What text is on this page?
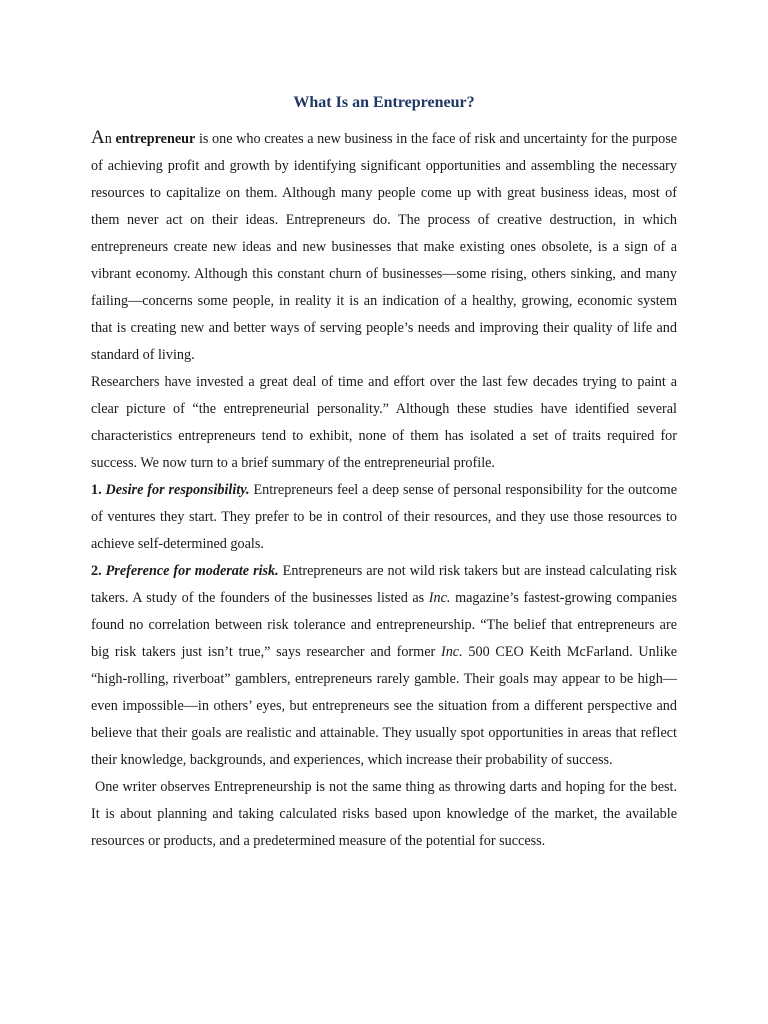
What Is an Entrepreneur?

An entrepreneur is one who creates a new business in the face of risk and uncertainty for the purpose of achieving profit and growth by identifying significant opportunities and assembling the necessary resources to capitalize on them. Although many people come up with great business ideas, most of them never act on their ideas. Entrepreneurs do. The process of creative destruction, in which entrepreneurs create new ideas and new businesses that make existing ones obsolete, is a sign of a vibrant economy. Although this constant churn of businesses—some rising, others sinking, and many failing—concerns some people, in reality it is an indication of a healthy, growing, economic system that is creating new and better ways of serving people’s needs and improving their quality of life and standard of living.

Researchers have invested a great deal of time and effort over the last few decades trying to paint a clear picture of “the entrepreneurial personality.” Although these studies have identified several characteristics entrepreneurs tend to exhibit, none of them has isolated a set of traits required for success. We now turn to a brief summary of the entrepreneurial profile.

1. Desire for responsibility. Entrepreneurs feel a deep sense of personal responsibility for the outcome of ventures they start. They prefer to be in control of their resources, and they use those resources to achieve self-determined goals.

2. Preference for moderate risk. Entrepreneurs are not wild risk takers but are instead calculating risk takers. A study of the founders of the businesses listed as Inc. magazine’s fastest-growing companies found no correlation between risk tolerance and entrepreneurship. “The belief that entrepreneurs are big risk takers just isn’t true,” says researcher and former Inc. 500 CEO Keith McFarland. Unlike “high-rolling, riverboat” gamblers, entrepreneurs rarely gamble. Their goals may appear to be high—even impossible—in others’ eyes, but entrepreneurs see the situation from a different perspective and believe that their goals are realistic and attainable. They usually spot opportunities in areas that reflect their knowledge, backgrounds, and experiences, which increase their probability of success.

One writer observes Entrepreneurship is not the same thing as throwing darts and hoping for the best. It is about planning and taking calculated risks based upon knowledge of the market, the available resources or products, and a predetermined measure of the potential for success.
